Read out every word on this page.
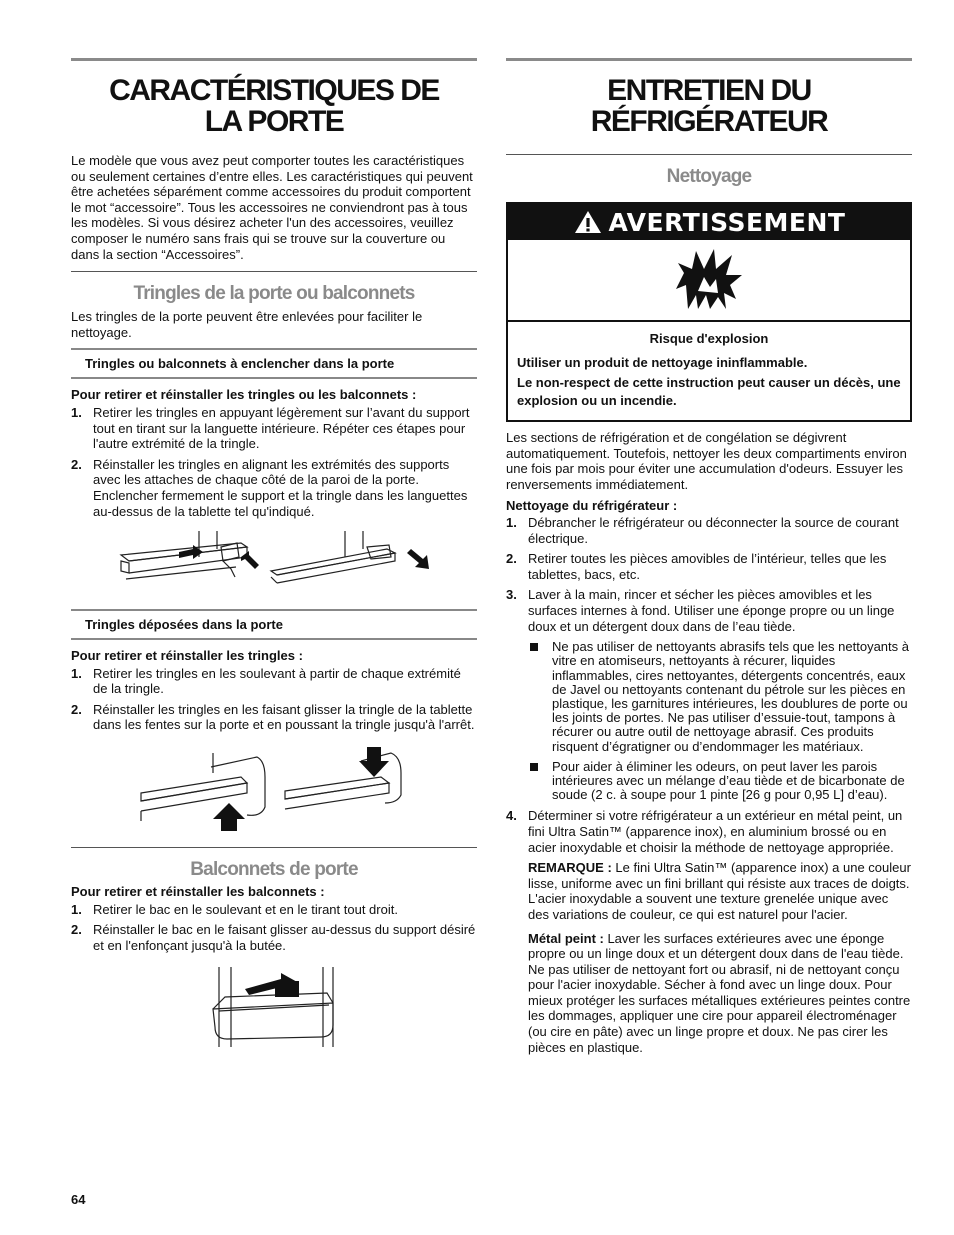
CARACTÉRISTIQUES DE
LA PORTE

Le modèle que vous avez peut comporter toutes les caractéristiques ou seulement certaines d’entre elles. Les caractéristiques qui peuvent être achetées séparément comme accessoires du produit comportent le mot “accessoire”. Tous les accessoires ne conviendront pas à tous les modèles. Si vous désirez acheter l'un des accessoires, veuillez composer le numéro sans frais qui se trouve sur la couverture ou dans la section “Accessoires”.

Tringles de la porte ou balconnets

Les tringles de la porte peuvent être enlevées pour faciliter le nettoyage.

Tringles ou balconnets à enclencher dans la porte

Pour retirer et réinstaller les tringles ou les balconnets :

1. Retirer les tringles en appuyant légèrement sur l’avant du support tout en tirant sur la languette intérieure. Répéter ces étapes pour l'autre extrémité de la tringle.
2. Réinstaller les tringles en alignant les extrémités des supports avec les attaches de chaque côté de la paroi de la porte. Enclencher fermement le support et la tringle dans les languettes au-dessus de la tablette tel qu'indiqué.
Tringles déposées dans la porte

Pour retirer et réinstaller les tringles :

1. Retirer les tringles en les soulevant à partir de chaque extrémité de la tringle.
2. Réinstaller les tringles en les faisant glisser la tringle de la tablette dans les fentes sur la porte et en poussant la tringle jusqu'à l'arrêt.
Balconnets de porte

Pour retirer et réinstaller les balconnets :

1. Retirer le bac en le soulevant et en le tirant tout droit.
2. Réinstaller le bac en le faisant glisser au-dessus du support désiré et en l'enfonçant jusqu'à la butée.
ENTRETIEN DU
RÉFRIGÉRATEUR
Nettoyage
AVERTISSEMENT
Risque d'explosion
Utiliser un produit de nettoyage ininflammable.
Le non-respect de cette instruction peut causer un décès, une explosion ou un incendie.

Les sections de réfrigération et de congélation se dégivrent automatiquement. Toutefois, nettoyer les deux compartiments environ une fois par mois pour éviter une accumulation d'odeurs. Essuyer les renversements immédiatement.

Nettoyage du réfrigérateur :

1. Débrancher le réfrigérateur ou déconnecter la source de courant électrique.
2. Retirer toutes les pièces amovibles de l’intérieur, telles que les tablettes, bacs, etc.
3. Laver à la main, rincer et sécher les pièces amovibles et les surfaces internes à fond. Utiliser une éponge propre ou un linge doux et un détergent doux dans de l’eau tiède.
Ne pas utiliser de nettoyants abrasifs tels que les nettoyants à vitre en atomiseurs, nettoyants à récurer, liquides inflammables, cires nettoyantes, détergents concentrés, eaux de Javel ou nettoyants contenant du pétrole sur les pièces en plastique, les garnitures intérieures, les doublures de porte ou les joints de portes. Ne pas utiliser d’essuie-tout, tampons à récurer ou autre outil de nettoyage abrasif. Ces produits risquent d’égratigner ou d’endommager les matériaux.
Pour aider à éliminer les odeurs, on peut laver les parois intérieures avec un mélange d’eau tiède et de bicarbonate de soude (2 c. à soupe pour 1 pinte [26 g pour 0,95 L] d’eau).
4. Déterminer si votre réfrigérateur a un extérieur en métal peint, un fini Ultra Satin™ (apparence inox), en aluminium brossé ou en acier inoxydable et choisir la méthode de nettoyage appropriée.

REMARQUE : Le fini Ultra Satin™ (apparence inox) a une couleur lisse, uniforme avec un fini brillant qui résiste aux traces de doigts. L'acier inoxydable a souvent une texture grenelée unique avec des variations de couleur, ce qui est naturel pour l'acier.

Métal peint : Laver les surfaces extérieures avec une éponge propre ou un linge doux et un détergent doux dans de l'eau tiède. Ne pas utiliser de nettoyant fort ou abrasif, ni de nettoyant conçu pour l'acier inoxydable. Sécher à fond avec un linge doux. Pour mieux protéger les surfaces métalliques extérieures peintes contre les dommages, appliquer une cire pour appareil électroménager (ou cire en pâte) avec un linge propre et doux. Ne pas cirer les pièces en plastique.

64
